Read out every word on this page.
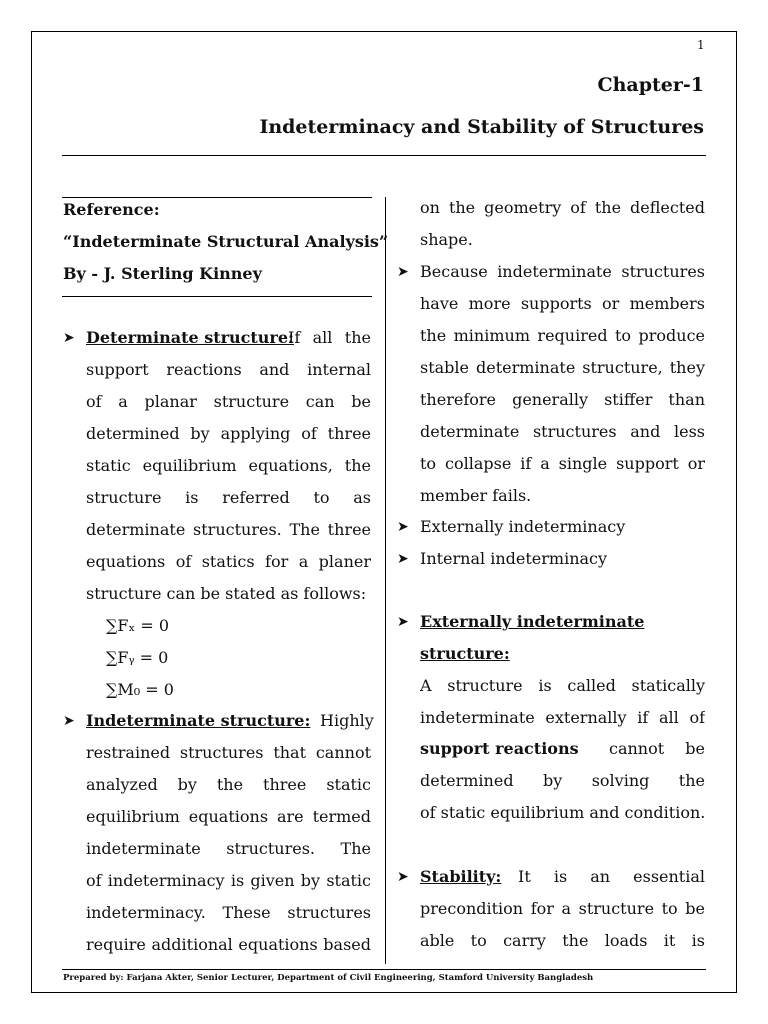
1
Chapter-1
Indeterminacy and Stability of Structures
Reference:
“Indeterminate Structural Analysis”
By - J. Sterling Kinney
➤ Determinate structure:
If all the
support reactions and internal
of a planar structure can be
determined by applying of three
static equilibrium equations, the
structure is referred to as
determinate structures. The three
equations of statics for a planer
structure can be stated as follows:
∑Fₓ = 0
∑Fᵧ = 0
∑M₀ = 0
➤ Indeterminate structure: Highly
restrained structures that cannot
analyzed by the three static
equilibrium equations are termed
indeterminate structures. The
of indeterminacy is given by static
indeterminacy. These structures
require additional equations based
on the geometry of the deflected
shape.
➤ Because indeterminate structures
have more supports or members
the minimum required to produce
stable determinate structure, they
therefore generally stiffer than
determinate structures and less
to collapse if a single support or
member fails.
➤ Externally indeterminacy
➤ Internal indeterminacy
➤ Externally indeterminate
structure:
A structure is called statically
indeterminate externally if all of
support reactions cannot be
determined by solving the
of static equilibrium and condition.
➤ Stability: It is an essential
precondition for a structure to be
able to carry the loads it is
Prepared by: Farjana Akter, Senior Lecturer, Department of Civil Engineering, Stamford University Bangladesh
